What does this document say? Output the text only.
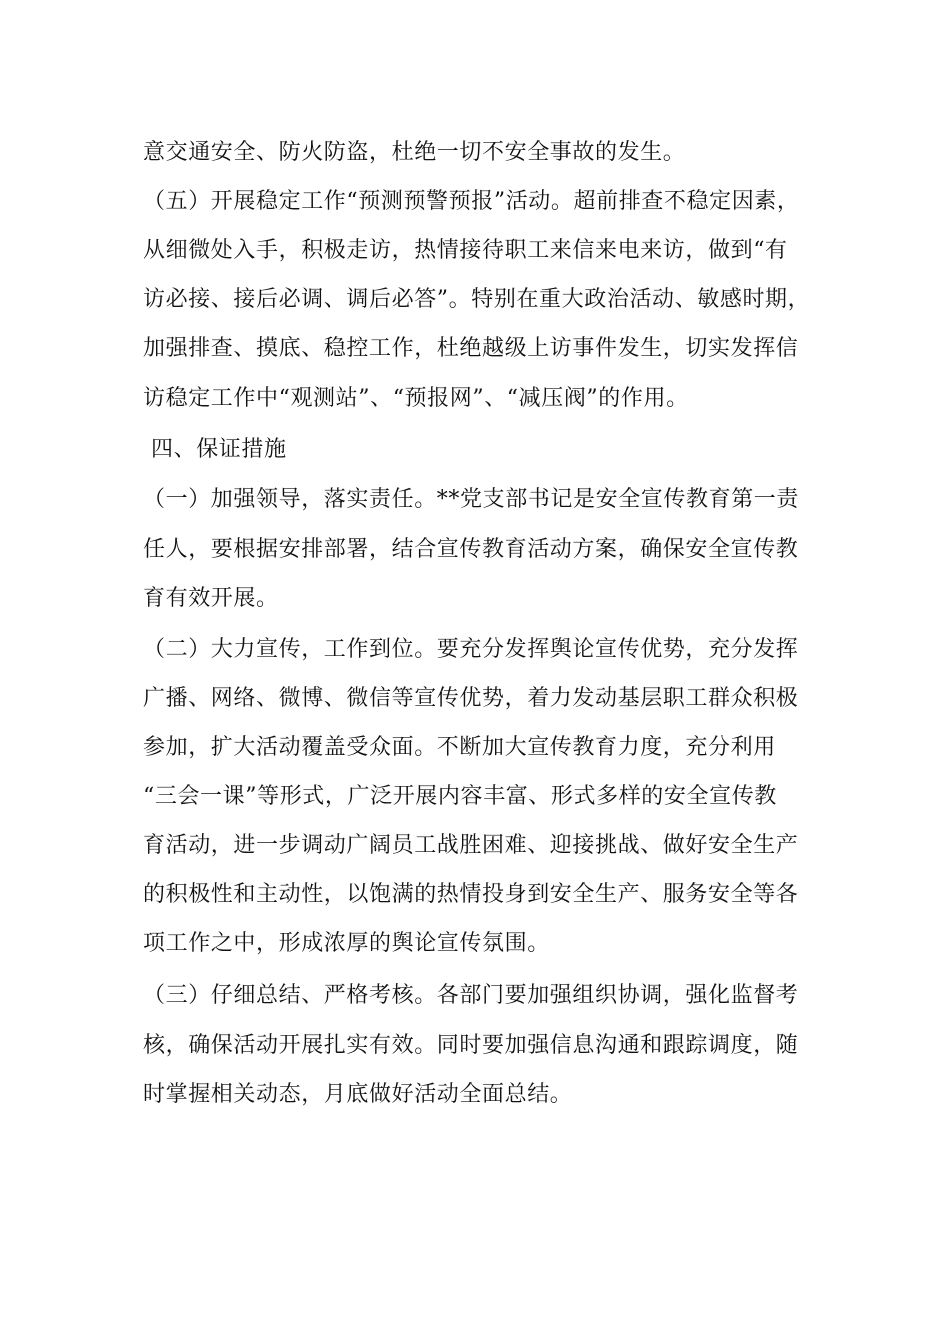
意交通安全、防火防盗，杜绝一切不安全事故的发生。
（五）开展稳定工作“预测预警预报”活动。超前排查不稳定因素，
从细微处入手，积极走访，热情接待职工来信来电来访，做到“有
访必接、接后必调、调后必答”。特别在重大政治活动、敏感时期，
加强排查、摸底、稳控工作，杜绝越级上访事件发生，切实发挥信
访稳定工作中“观测站”、“预报网”、“减压阀”的作用。
四、保证措施
（一）加强领导，落实责任。**党支部书记是安全宣传教育第一责
任人，要根据安排部署，结合宣传教育活动方案，确保安全宣传教
育有效开展。
（二）大力宣传，工作到位。要充分发挥舆论宣传优势，充分发挥
广播、网络、微博、微信等宣传优势，着力发动基层职工群众积极
参加，扩大活动覆盖受众面。不断加大宣传教育力度，充分利用
“三会一课”等形式，广泛开展内容丰富、形式多样的安全宣传教
育活动，进一步调动广阔员工战胜困难、迎接挑战、做好安全生产
的积极性和主动性，以饱满的热情投身到安全生产、服务安全等各
项工作之中，形成浓厚的舆论宣传氛围。
（三）仔细总结、严格考核。各部门要加强组织协调，强化监督考
核，确保活动开展扎实有效。同时要加强信息沟通和跟踪调度，随
时掌握相关动态，月底做好活动全面总结。
